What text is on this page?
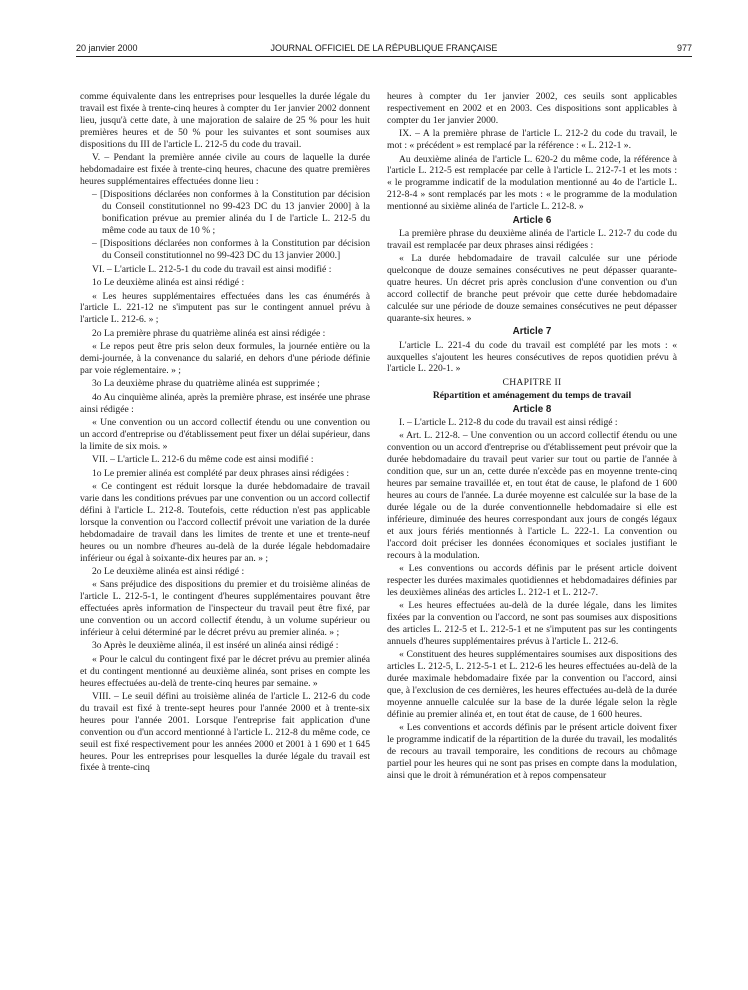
20 janvier 2000	JOURNAL OFFICIEL DE LA RÉPUBLIQUE FRANÇAISE	977

comme équivalente dans les entreprises pour lesquelles la durée légale du travail est fixée à trente-cinq heures à compter du 1er janvier 2002 donnent lieu, jusqu'à cette date, à une majoration de salaire de 25 % pour les huit premières heures et de 50 % pour les suivantes et sont soumises aux dispositions du III de l'article L. 212-5 du code du travail.

V. – Pendant la première année civile au cours de laquelle la durée hebdomadaire est fixée à trente-cinq heures, chacune des quatre premières heures supplémentaires effectuées donne lieu :

– [Dispositions déclarées non conformes à la Constitution par décision du Conseil constitutionnel no 99-423 DC du 13 janvier 2000] à la bonification prévue au premier alinéa du I de l'article L. 212-5 du même code au taux de 10 % ;

– [Dispositions déclarées non conformes à la Constitution par décision du Conseil constitutionnel no 99-423 DC du 13 janvier 2000.]

VI. – L'article L. 212-5-1 du code du travail est ainsi modifié :

1o Le deuxième alinéa est ainsi rédigé :

« Les heures supplémentaires effectuées dans les cas énumérés à l'article L. 221-12 ne s'imputent pas sur le contingent annuel prévu à l'article L. 212-6. » ;

2o La première phrase du quatrième alinéa est ainsi rédigée :

« Le repos peut être pris selon deux formules, la journée entière ou la demi-journée, à la convenance du salarié, en dehors d'une période définie par voie réglementaire. » ;

3o La deuxième phrase du quatrième alinéa est supprimée ;

4o Au cinquième alinéa, après la première phrase, est insérée une phrase ainsi rédigée :

« Une convention ou un accord collectif étendu ou une convention ou un accord d'entreprise ou d'établissement peut fixer un délai supérieur, dans la limite de six mois. »

VII. – L'article L. 212-6 du même code est ainsi modifié :

1o Le premier alinéa est complété par deux phrases ainsi rédigées :

« Ce contingent est réduit lorsque la durée hebdomadaire de travail varie dans les conditions prévues par une convention ou un accord collectif défini à l'article L. 212-8. Toutefois, cette réduction n'est pas applicable lorsque la convention ou l'accord collectif prévoit une variation de la durée hebdomadaire de travail dans les limites de trente et une et trente-neuf heures ou un nombre d'heures au-delà de la durée légale hebdomadaire inférieur ou égal à soixante-dix heures par an. » ;

2o Le deuxième alinéa est ainsi rédigé :

« Sans préjudice des dispositions du premier et du troisième alinéas de l'article L. 212-5-1, le contingent d'heures supplémentaires pouvant être effectuées après information de l'inspecteur du travail peut être fixé, par une convention ou un accord collectif étendu, à un volume supérieur ou inférieur à celui déterminé par le décret prévu au premier alinéa. » ;

3o Après le deuxième alinéa, il est inséré un alinéa ainsi rédigé :

« Pour le calcul du contingent fixé par le décret prévu au premier alinéa et du contingent mentionné au deuxième alinéa, sont prises en compte les heures effectuées au-delà de trente-cinq heures par semaine. »

VIII. – Le seuil défini au troisième alinéa de l'article L. 212-6 du code du travail est fixé à trente-sept heures pour l'année 2000 et à trente-six heures pour l'année 2001. Lorsque l'entreprise fait application d'une convention ou d'un accord mentionné à l'article L. 212-8 du même code, ce seuil est fixé respectivement pour les années 2000 et 2001 à 1 690 et 1 645 heures. Pour les entreprises pour lesquelles la durée légale du travail est fixée à trente-cinq

heures à compter du 1er janvier 2002, ces seuils sont applicables respectivement en 2002 et en 2003. Ces dispositions sont applicables à compter du 1er janvier 2000.

IX. – A la première phrase de l'article L. 212-2 du code du travail, le mot : « précédent » est remplacé par la référence : « L. 212-1 ».

Au deuxième alinéa de l'article L. 620-2 du même code, la référence à l'article L. 212-5 est remplacée par celle à l'article L. 212-7-1 et les mots : « le programme indicatif de la modulation mentionné au 4o de l'article L. 212-8-4 » sont remplacés par les mots : « le programme de la modulation mentionné au sixième alinéa de l'article L. 212-8. »

Article 6

La première phrase du deuxième alinéa de l'article L. 212-7 du code du travail est remplacée par deux phrases ainsi rédigées :

« La durée hebdomadaire de travail calculée sur une période quelconque de douze semaines consécutives ne peut dépasser quarante-quatre heures. Un décret pris après conclusion d'une convention ou d'un accord collectif de branche peut prévoir que cette durée hebdomadaire calculée sur une période de douze semaines consécutives ne peut dépasser quarante-six heures. »

Article 7

L'article L. 221-4 du code du travail est complété par les mots : « auxquelles s'ajoutent les heures consécutives de repos quotidien prévu à l'article L. 220-1. »

CHAPITRE II

Répartition et aménagement du temps de travail

Article 8

I. – L'article L. 212-8 du code du travail est ainsi rédigé :

« Art. L. 212-8. – Une convention ou un accord collectif étendu ou une convention ou un accord d'entreprise ou d'établissement peut prévoir que la durée hebdomadaire du travail peut varier sur tout ou partie de l'année à condition que, sur un an, cette durée n'excède pas en moyenne trente-cinq heures par semaine travaillée et, en tout état de cause, le plafond de 1 600 heures au cours de l'année. La durée moyenne est calculée sur la base de la durée légale ou de la durée conventionnelle hebdomadaire si elle est inférieure, diminuée des heures correspondant aux jours de congés légaux et aux jours fériés mentionnés à l'article L. 222-1. La convention ou l'accord doit préciser les données économiques et sociales justifiant le recours à la modulation.

« Les conventions ou accords définis par le présent article doivent respecter les durées maximales quotidiennes et hebdomadaires définies par les deuxièmes alinéas des articles L. 212-1 et L. 212-7.

« Les heures effectuées au-delà de la durée légale, dans les limites fixées par la convention ou l'accord, ne sont pas soumises aux dispositions des articles L. 212-5 et L. 212-5-1 et ne s'imputent pas sur les contingents annuels d'heures supplémentaires prévus à l'article L. 212-6.

« Constituent des heures supplémentaires soumises aux dispositions des articles L. 212-5, L. 212-5-1 et L. 212-6 les heures effectuées au-delà de la durée maximale hebdomadaire fixée par la convention ou l'accord, ainsi que, à l'exclusion de ces dernières, les heures effectuées au-delà de la durée moyenne annuelle calculée sur la base de la durée légale selon la règle définie au premier alinéa et, en tout état de cause, de 1 600 heures.

« Les conventions et accords définis par le présent article doivent fixer le programme indicatif de la répartition de la durée du travail, les modalités de recours au travail temporaire, les conditions de recours au chômage partiel pour les heures qui ne sont pas prises en compte dans la modulation, ainsi que le droit à rémunération et à repos compensateur
